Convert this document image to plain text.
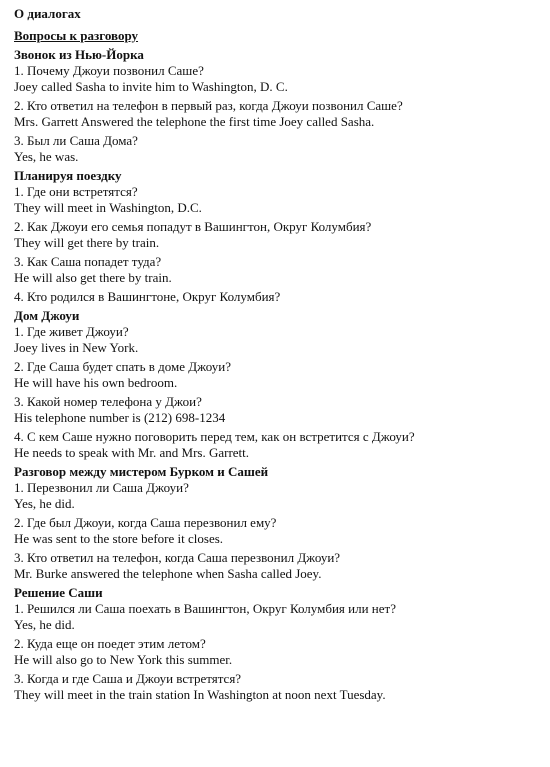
О диалогах
Вопросы к разговору
Звонок из Нью-Йорка
1. Почему Джоуи позвонил Саше?
Joey called Sasha to invite him to Washington, D. C.
2. Кто ответил на телефон в первый раз, когда Джоуи позвонил Саше?
Mrs. Garrett Answered the telephone the first time Joey called Sasha.
3. Был ли Саша Дома?
Yes, he was.
Планируя поездку
1. Где они встретятся?
They will meet in Washington, D.C.
2. Как Джоуи его семья попадут в Вашингтон, Округ Колумбия?
They will get there by train.
3. Как Саша попадет туда?
He will also get there by train.
4. Кто родился в Вашингтоне, Округ Колумбия?
Дом Джоуи
1. Где живет Джоуи?
Joey lives in New York.
2. Где Саша будет спать в доме Джоуи?
He will have his own bedroom.
3. Какой номер телефона у Джои?
His telephone number is (212) 698-1234
4. С кем Саше нужно поговорить перед тем, как он встретится с Джоуи?
He needs to speak with Mr. and Mrs. Garrett.
Разговор между мистером Бурком и Сашей
1. Перезвонил ли Саша Джоуи?
Yes, he did.
2. Где был Джоуи, когда Саша перезвонил ему?
He was sent to the store before it closes.
3. Кто ответил на телефон, когда Саша перезвонил Джоуи?
Mr. Burke answered the telephone when Sasha called Joey.
Решение Саши
1. Решился ли Саша поехать в Вашингтон, Округ Колумбия или нет?
Yes, he did.
2. Куда еще он поедет этим летом?
He will also go to New York this summer.
3. Когда и где Саша и Джоуи встретятся?
They will meet in the train station In Washington at noon next Tuesday.
